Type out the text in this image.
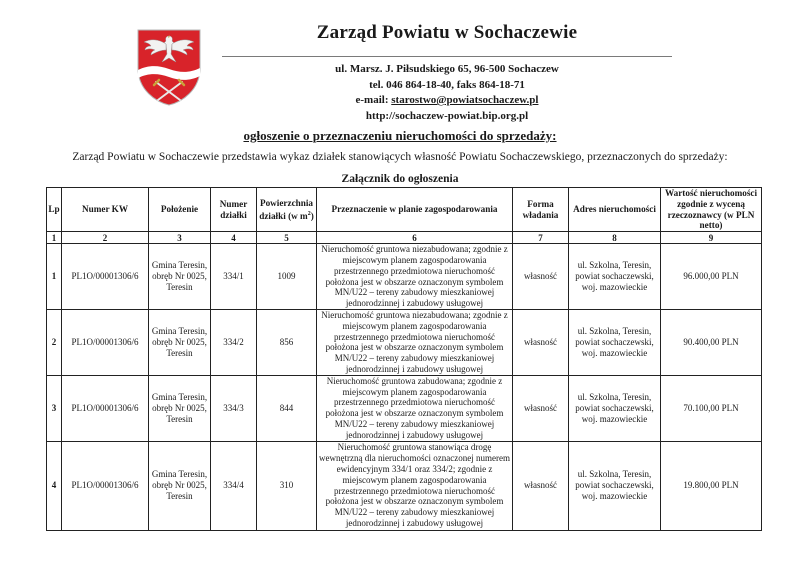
Zarząd Powiatu w Sochaczewie
ul. Marsz. J. Piłsudskiego 65, 96-500 Sochaczew
tel. 046 864-18-40, faks 864-18-71
e-mail: starostwo@powiatsochaczew.pl
http://sochaczew-powiat.bip.org.pl
ogłoszenie o przeznaczeniu nieruchomości do sprzedaży:
Zarząd Powiatu w Sochaczewie przedstawia wykaz działek stanowiących własność Powiatu Sochaczewskiego, przeznaczonych do sprzedaży:
Załącznik do ogłoszenia
Lp	Numer KW	Położenie	Numer działki	Powierzchnia działki (w $m^2$)	Przeznaczenie w planie zagospodarowania	Forma władania	Adres nieruchomości	Wartość nieruchomości zgodnie z wyceną rzeczoznawcy (w PLN netto)
1	2	3	4	5	6	7	8	9
1	PL1O/00001306/6	Gmina Teresin, obręb Nr 0025, Teresin	334/1	1009	Nieruchomość gruntowa niezabudowana; zgodnie z miejscowym planem zagospodarowania przestrzennego przedmiotowa nieruchomość położona jest w obszarze oznaczonym symbolem MN/U22 – tereny zabudowy mieszkaniowej jednorodzinnej i zabudowy usługowej	własność	ul. Szkolna, Teresin, powiat sochaczewski, woj. mazowieckie	96.000,00 PLN
2	PL1O/00001306/6	Gmina Teresin, obręb Nr 0025, Teresin	334/2	856	Nieruchomość gruntowa niezabudowana; zgodnie z miejscowym planem zagospodarowania przestrzennego przedmiotowa nieruchomość położona jest w obszarze oznaczonym symbolem MN/U22 – tereny zabudowy mieszkaniowej jednorodzinnej i zabudowy usługowej	własność	ul. Szkolna, Teresin, powiat sochaczewski, woj. mazowieckie	90.400,00 PLN
3	PL1O/00001306/6	Gmina Teresin, obręb Nr 0025, Teresin	334/3	844	Nieruchomość gruntowa zabudowana; zgodnie z miejscowym planem zagospodarowania przestrzennego przedmiotowa nieruchomość położona jest w obszarze oznaczonym symbolem MN/U22 – tereny zabudowy mieszkaniowej jednorodzinnej i zabudowy usługowej	własność	ul. Szkolna, Teresin, powiat sochaczewski, woj. mazowieckie	70.100,00 PLN
4	PL1O/00001306/6	Gmina Teresin, obręb Nr 0025, Teresin	334/4	310	Nieruchomość gruntowa stanowiąca drogę wewnętrzną dla nieruchomości oznaczonej numerem ewidencyjnym 334/1 oraz 334/2; zgodnie z miejscowym planem zagospodarowania przestrzennego przedmiotowa nieruchomość położona jest w obszarze oznaczonym symbolem MN/U22 – tereny zabudowy mieszkaniowej jednorodzinnej i zabudowy usługowej	własność	ul. Szkolna, Teresin, powiat sochaczewski, woj. mazowieckie	19.800,00 PLN
